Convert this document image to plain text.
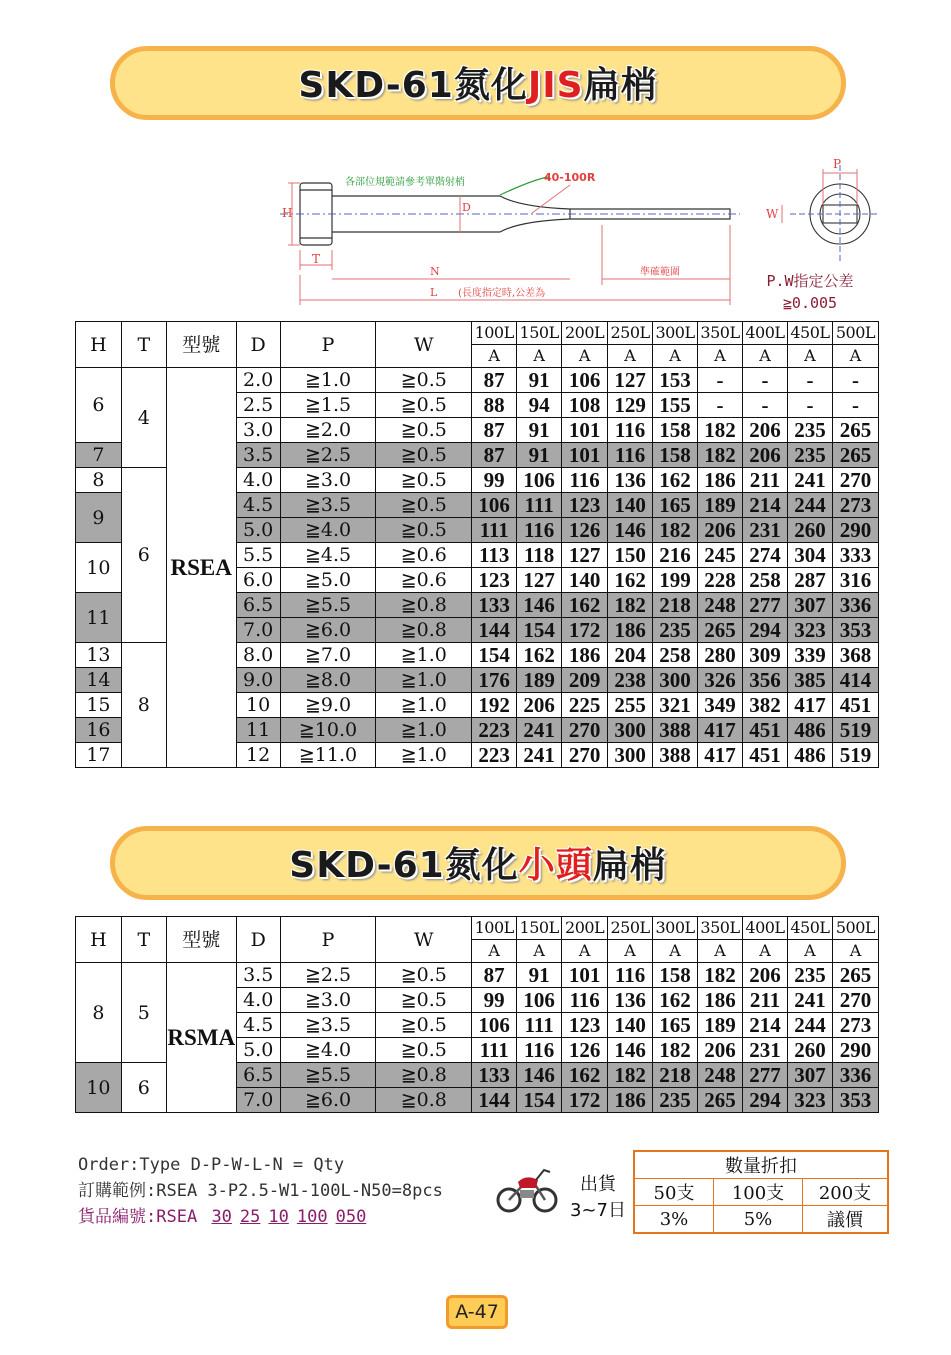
SKD-61氮化JIS扁梢
H
T
D
N
L (長度指定時,公差為
各部位規範請參考單階射梢	40-100R
準確範圍
P
W
P.W指定公差
≧0.005
H	T	型號	D	P	W	100L	150L	200L	250L	300L	350L	400L	450L	500L
						A	A	A	A	A	A	A	A	A
6	4	RSEA	2.0	≧1.0	≧0.5	87	91	106	127	153	-	-	-	-
			2.5	≧1.5	≧0.5	88	94	108	129	155	-	-	-	-
			3.0	≧2.0	≧0.5	87	91	101	116	158	182	206	235	265
7			3.5	≧2.5	≧0.5	87	91	101	116	158	182	206	235	265
8	6		4.0	≧3.0	≧0.5	99	106	116	136	162	186	211	241	270
9			4.5	≧3.5	≧0.5	106	111	123	140	165	189	214	244	273
			5.0	≧4.0	≧0.5	111	116	126	146	182	206	231	260	290
10			5.5	≧4.5	≧0.6	113	118	127	150	216	245	274	304	333
			6.0	≧5.0	≧0.6	123	127	140	162	199	228	258	287	316
11			6.5	≧5.5	≧0.8	133	146	162	182	218	248	277	307	336
			7.0	≧6.0	≧0.8	144	154	172	186	235	265	294	323	353
13	8		8.0	≧7.0	≧1.0	154	162	186	204	258	280	309	339	368
14			9.0	≧8.0	≧1.0	176	189	209	238	300	326	356	385	414
15			10	≧9.0	≧1.0	192	206	225	255	321	349	382	417	451
16			11	≧10.0	≧1.0	223	241	270	300	388	417	451	486	519
17			12	≧11.0	≧1.0	223	241	270	300	388	417	451	486	519
SKD-61氮化小頭扁梢
H	T	型號	D	P	W	100L	150L	200L	250L	300L	350L	400L	450L	500L
						A	A	A	A	A	A	A	A	A
8	5	RSMA	3.5	≧2.5	≧0.5	87	91	101	116	158	182	206	235	265
			4.0	≧3.0	≧0.5	99	106	116	136	162	186	211	241	270
			4.5	≧3.5	≧0.5	106	111	123	140	165	189	214	244	273
			5.0	≧4.0	≧0.5	111	116	126	146	182	206	231	260	290
10	6		6.5	≧5.5	≧0.8	133	146	162	182	218	248	277	307	336
			7.0	≧6.0	≧0.8	144	154	172	186	235	265	294	323	353
Order:Type D-P-W-L-N = Qty
訂購範例:RSEA 3-P2.5-W1-100L-N50=8pcs
貨品編號:RSEA 30 25 10 100 050
出貨
3~7日
數量折扣		
50支	100支	200支
3%	5%	議價
A-47
